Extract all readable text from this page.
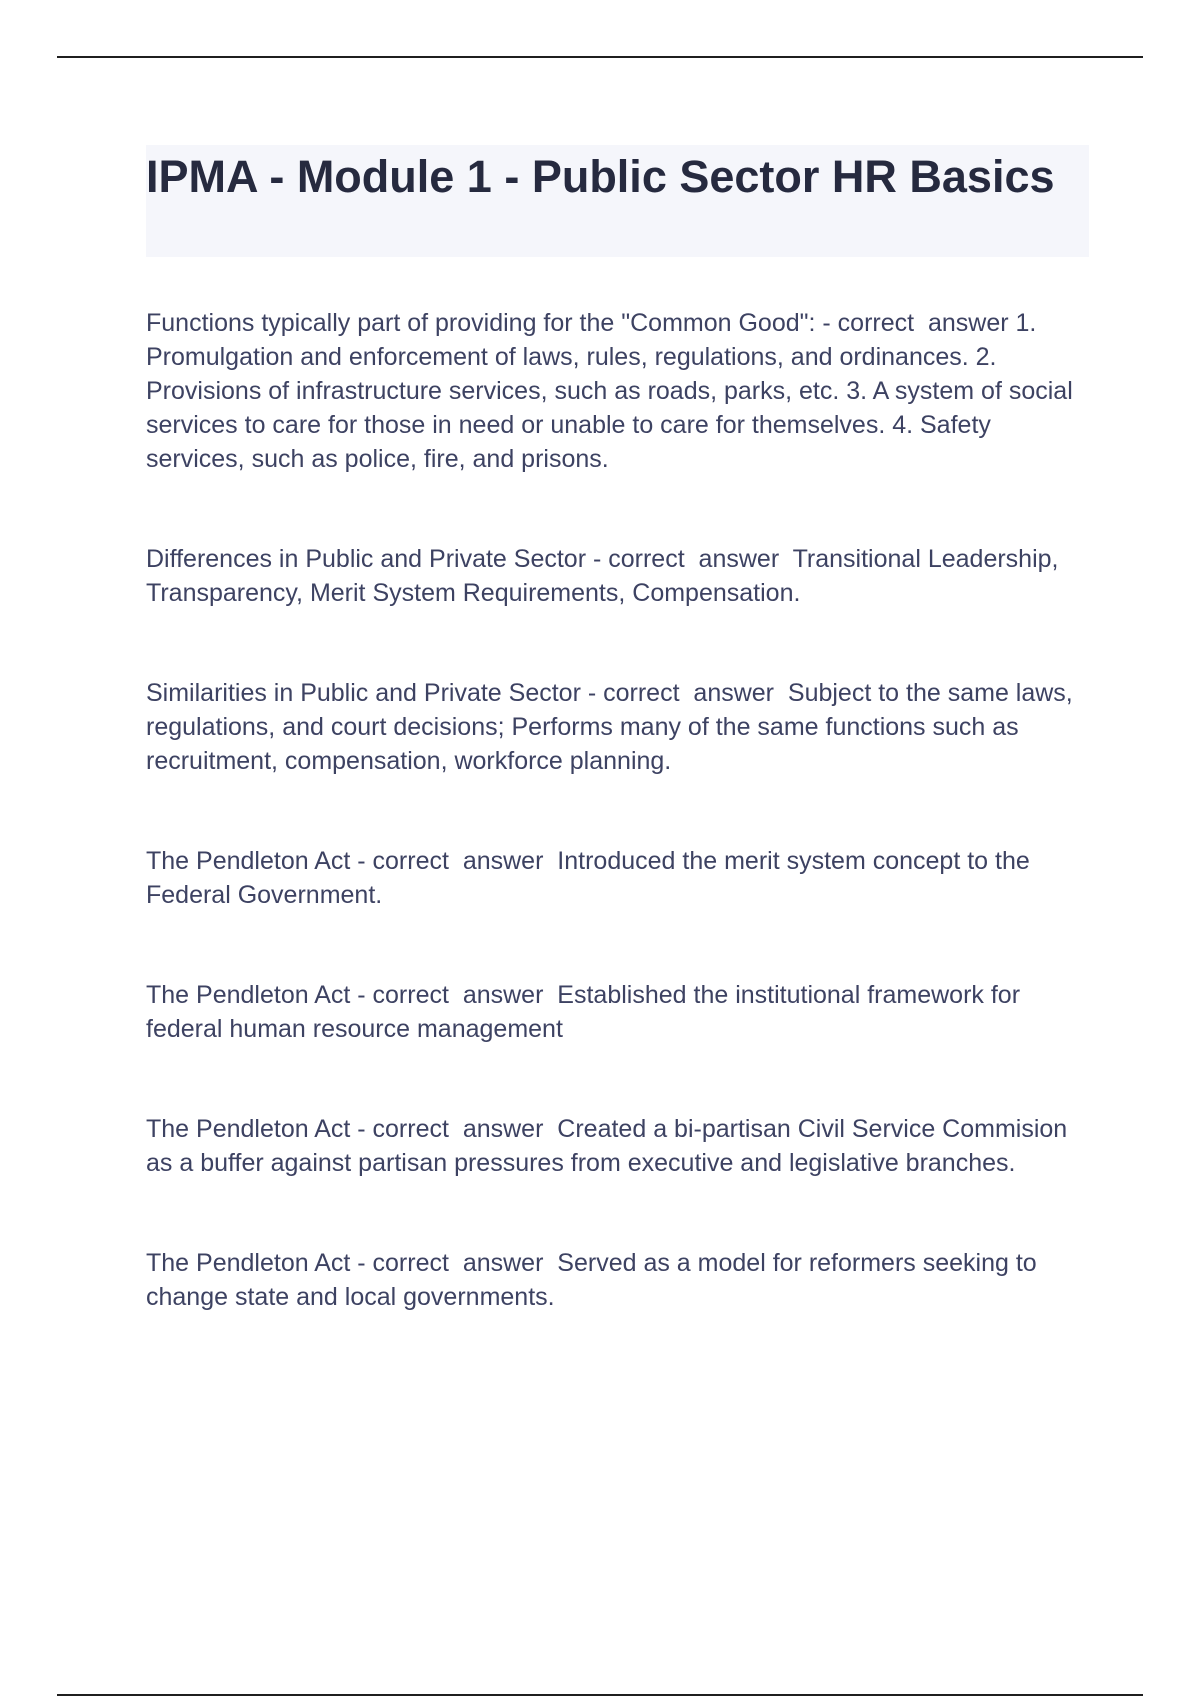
IPMA - Module 1 - Public Sector HR Basics

Functions typically part of providing for the "Common Good": - correct  answer 1. Promulgation and enforcement of laws, rules, regulations, and ordinances. 2. Provisions of infrastructure services, such as roads, parks, etc. 3. A system of social services to care for those in need or unable to care for themselves. 4. Safety services, such as police, fire, and prisons.

Differences in Public and Private Sector - correct  answer  Transitional Leadership, Transparency, Merit System Requirements, Compensation.

Similarities in Public and Private Sector - correct  answer  Subject to the same laws, regulations, and court decisions; Performs many of the same functions such as recruitment, compensation, workforce planning.

The Pendleton Act - correct  answer  Introduced the merit system concept to the Federal Government.

The Pendleton Act - correct  answer  Established the institutional framework for federal human resource management

The Pendleton Act - correct  answer  Created a bi-partisan Civil Service Commision as a buffer against partisan pressures from executive and legislative branches.

The Pendleton Act - correct  answer  Served as a model for reformers seeking to change state and local governments.
